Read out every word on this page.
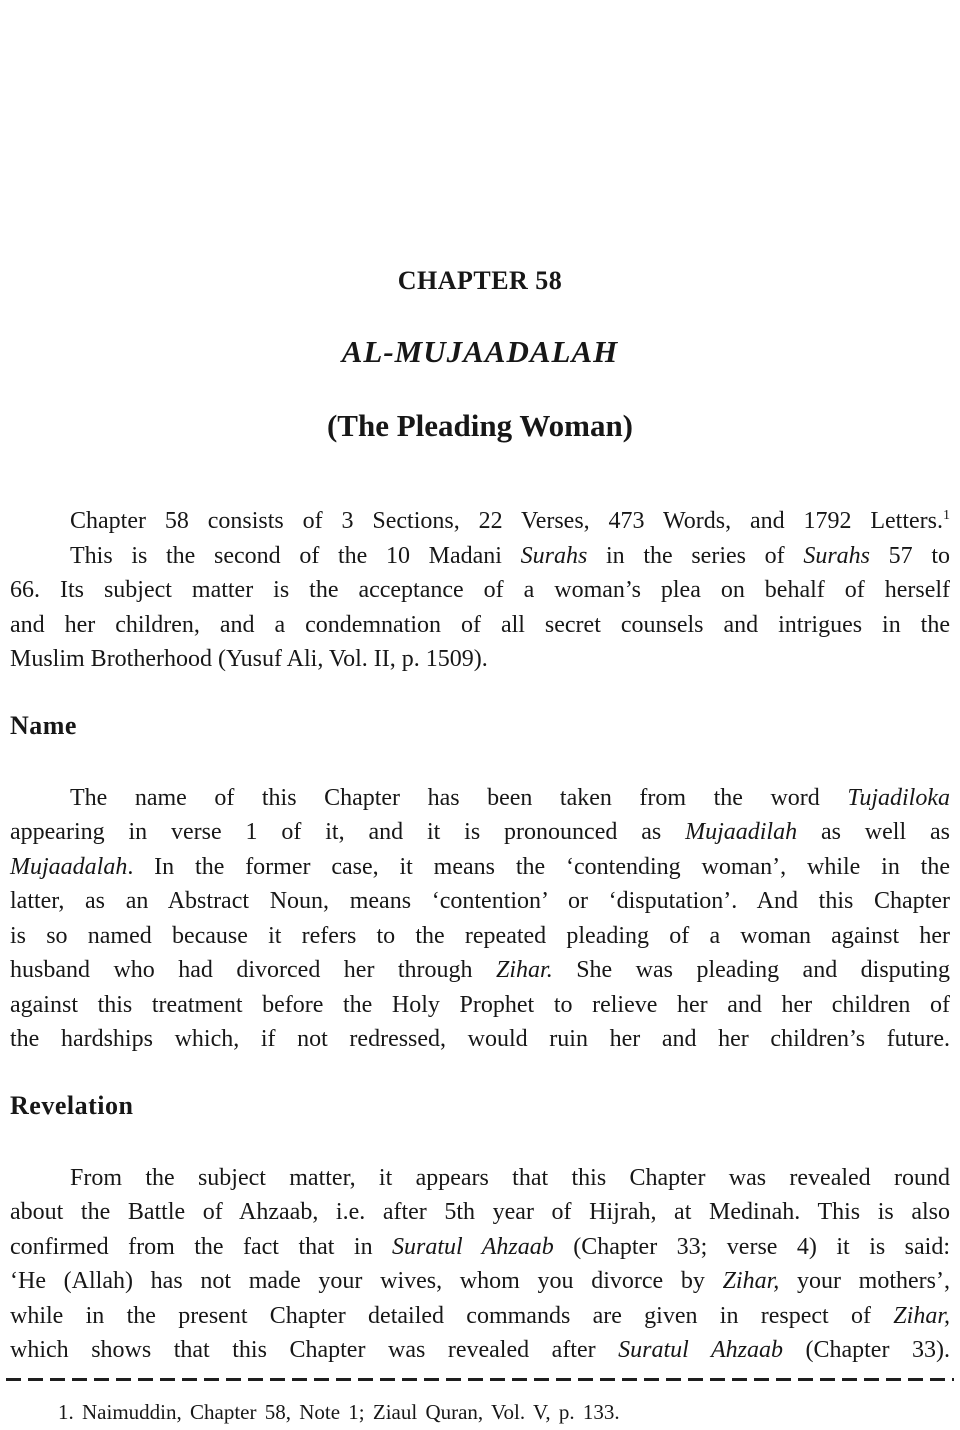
CHAPTER 58
AL-MUJAADALAH
(The Pleading Woman)
Chapter 58 consists of 3 Sections, 22 Verses, 473 Words, and 1792 Letters.$^1$
This is the second of the 10 Madani Surahs in the series of Surahs 57 to
66. Its subject matter is the acceptance of a woman’s plea on behalf of herself
and her children, and a condemnation of all secret counsels and intrigues in the
Muslim Brotherhood (Yusuf Ali, Vol. II, p. 1509).
Name
The name of this Chapter has been taken from the word Tujadiloka
appearing in verse 1 of it, and it is pronounced as Mujaadilah as well as
Mujaadalah. In the former case, it means the ‘contending woman’, while in the
latter, as an Abstract Noun, means ‘contention’ or ‘disputation’. And this Chapter
is so named because it refers to the repeated pleading of a woman against her
husband who had divorced her through Zihar. She was pleading and disputing
against this treatment before the Holy Prophet to relieve her and her children of
the hardships which, if not redressed, would ruin her and her children’s future.
Revelation
From the subject matter, it appears that this Chapter was revealed round
about the Battle of Ahzaab, i.e. after 5th year of Hijrah, at Medinah. This is also
confirmed from the fact that in Suratul Ahzaab (Chapter 33; verse 4) it is said:
‘He (Allah) has not made your wives, whom you divorce by Zihar, your mothers’,
while in the present Chapter detailed commands are given in respect of Zihar,
which shows that this Chapter was revealed after Suratul Ahzaab (Chapter 33).
1. Naimuddin, Chapter 58, Note 1; Ziaul Quran, Vol. V, p. 133.
